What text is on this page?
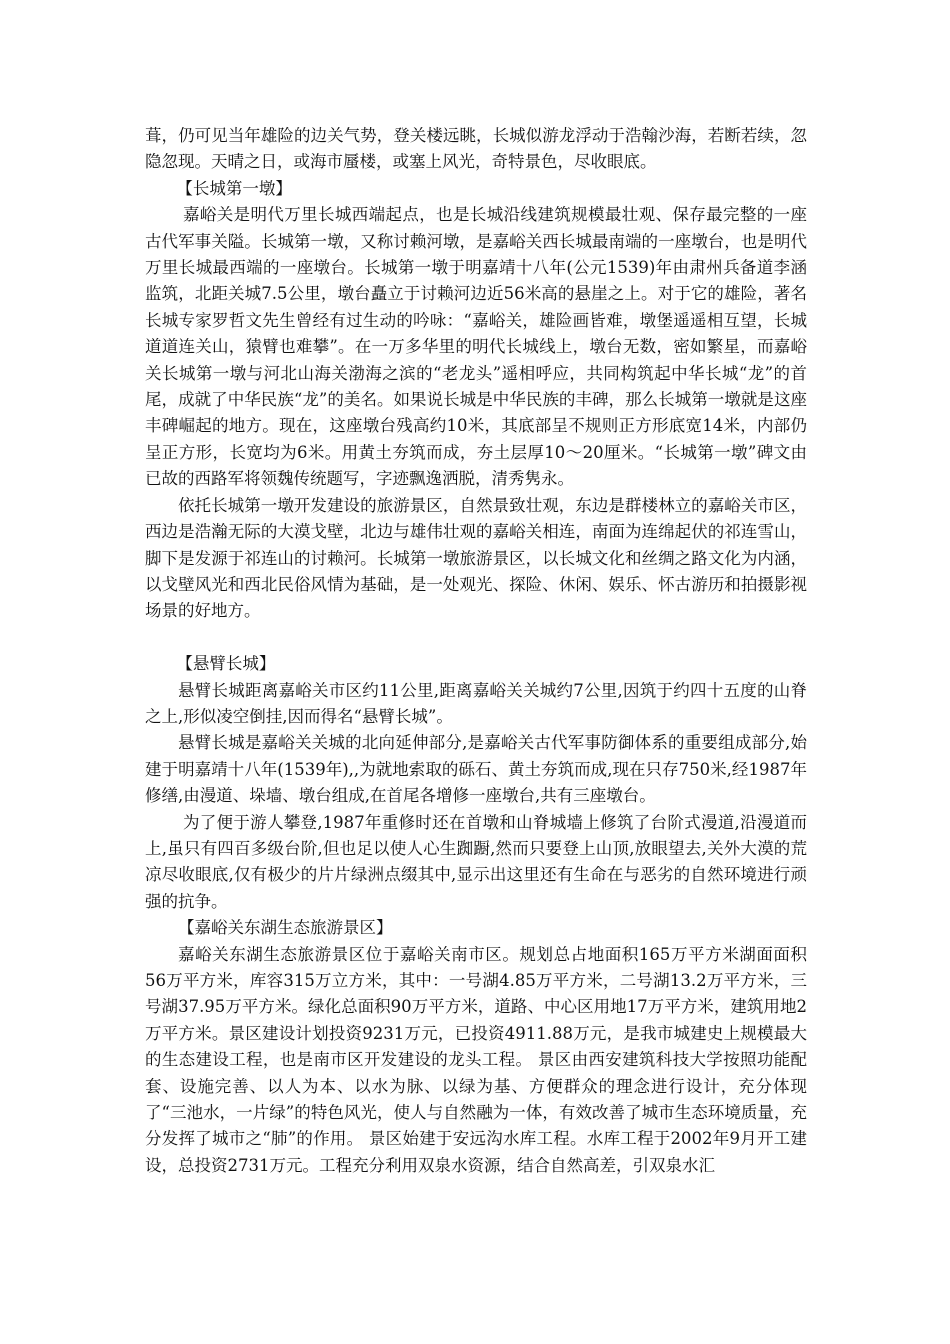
葺，仍可见当年雄险的边关气势，登关楼远眺，长城似游龙浮动于浩翰沙海，若断若续，忽隐忽现。天晴之日，或海市蜃楼，或塞上风光，奇特景色，尽收眼底。

【长城第一墩】

嘉峪关是明代万里长城西端起点，也是长城沿线建筑规模最壮观、保存最完整的一座古代军事关隘。长城第一墩，又称讨赖河墩，是嘉峪关西长城最南端的一座墩台，也是明代万里长城最西端的一座墩台。长城第一墩于明嘉靖十八年(公元1539)年由肃州兵备道李涵监筑，北距关城7.5公里，墩台矗立于讨赖河边近56米高的悬崖之上。对于它的雄险，著名长城专家罗哲文先生曾经有过生动的吟咏：“嘉峪关，雄险画皆难，墩堡遥遥相互望，长城道道连关山，猿臂也难攀”。在一万多华里的明代长城线上，墩台无数，密如繁星，而嘉峪关长城第一墩与河北山海关渤海之滨的“老龙头”遥相呼应，共同构筑起中华长城“龙”的首尾，成就了中华民族“龙”的美名。如果说长城是中华民族的丰碑，那么长城第一墩就是这座丰碑崛起的地方。现在，这座墩台残高约10米，其底部呈不规则正方形底宽14米，内部仍呈正方形，长宽均为6米。用黄土夯筑而成，夯土层厚10～20厘米。“长城第一墩”碑文由已故的西路军将领魏传统题写，字迹飘逸洒脱，清秀隽永。

依托长城第一墩开发建设的旅游景区，自然景致壮观，东边是群楼林立的嘉峪关市区，西边是浩瀚无际的大漠戈壁，北边与雄伟壮观的嘉峪关相连，南面为连绵起伏的祁连雪山，脚下是发源于祁连山的讨赖河。长城第一墩旅游景区，以长城文化和丝绸之路文化为内涵，以戈壁风光和西北民俗风情为基础，是一处观光、探险、休闲、娱乐、怀古游历和拍摄影视场景的好地方。

【悬臂长城】

悬臂长城距离嘉峪关市区约11公里,距离嘉峪关关城约7公里,因筑于约四十五度的山脊之上,形似凌空倒挂,因而得名“悬臂长城”。

悬臂长城是嘉峪关关城的北向延伸部分,是嘉峪关古代军事防御体系的重要组成部分,始建于明嘉靖十八年(1539年),,为就地索取的砾石、黄土夯筑而成,现在只存750米,经1987年修缮,由漫道、垛墙、墩台组成,在首尾各增修一座墩台,共有三座墩台。

为了便于游人攀登,1987年重修时还在首墩和山脊城墙上修筑了台阶式漫道,沿漫道而上,虽只有四百多级台阶,但也足以使人心生踟蹰,然而只要登上山顶,放眼望去,关外大漠的荒凉尽收眼底,仅有极少的片片绿洲点缀其中,显示出这里还有生命在与恶劣的自然环境进行顽强的抗争。

【嘉峪关东湖生态旅游景区】

嘉峪关东湖生态旅游景区位于嘉峪关南市区。规划总占地面积165万平方米湖面面积56万平方米，库容315万立方米，其中：一号湖4.85万平方米，二号湖13.2万平方米，三号湖37.95万平方米。绿化总面积90万平方米，道路、中心区用地17万平方米，建筑用地2万平方米。景区建设计划投资9231万元，已投资4911.88万元，是我市城建史上规模最大的生态建设工程，也是南市区开发建设的龙头工程。 景区由西安建筑科技大学按照功能配套、设施完善、以人为本、以水为脉、以绿为基、方便群众的理念进行设计，充分体现了“三池水，一片绿”的特色风光，使人与自然融为一体，有效改善了城市生态环境质量，充分发挥了城市之“肺”的作用。 景区始建于安远沟水库工程。水库工程于2002年9月开工建设，总投资2731万元。工程充分利用双泉水资源，结合自然高差，引双泉水汇
